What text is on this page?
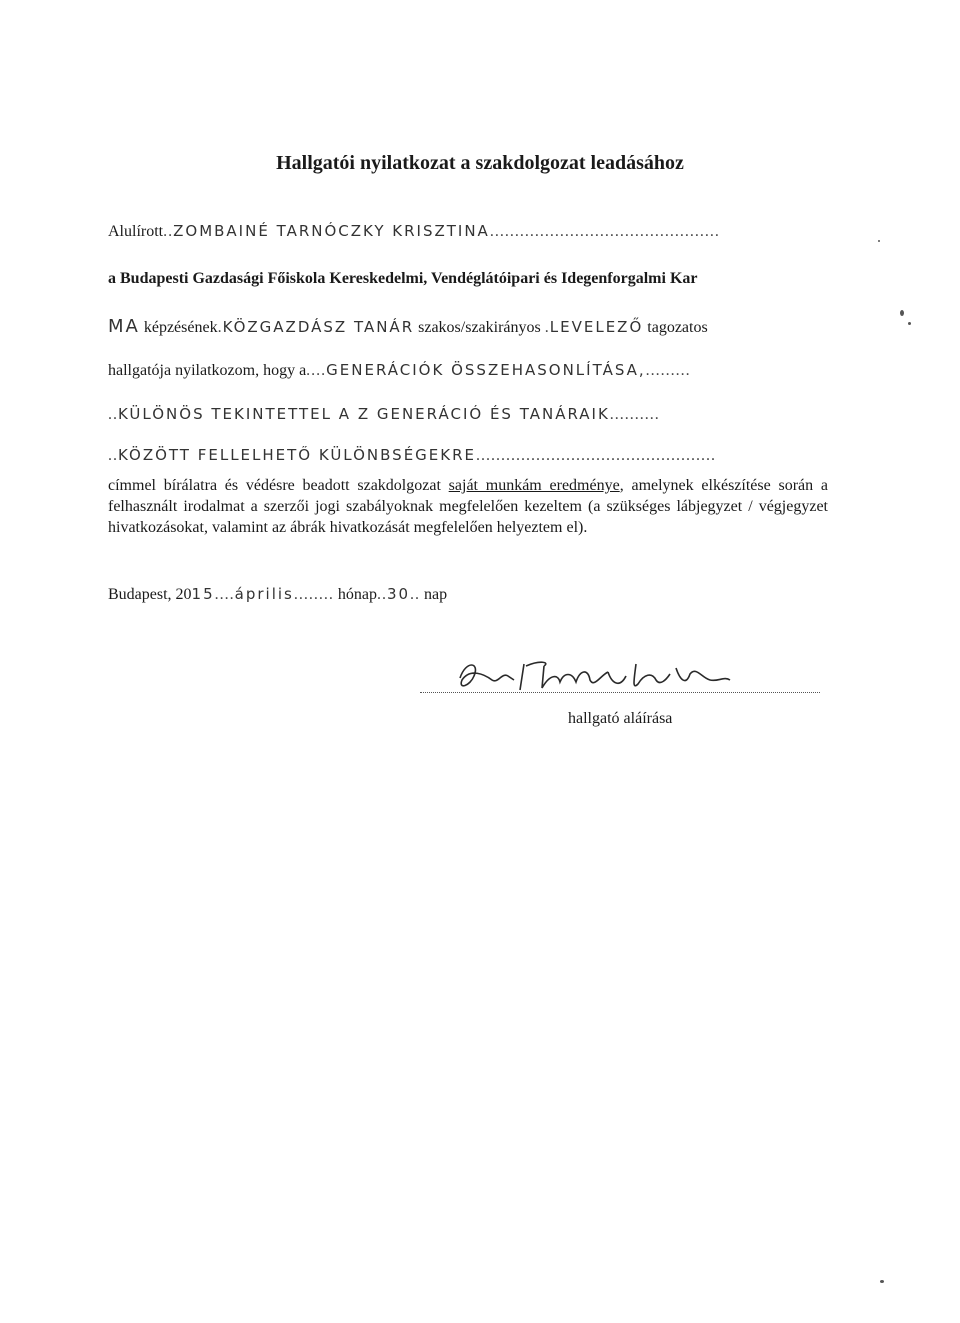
Hallgatói nyilatkozat a szakdolgozat leadásához
Alulírott..ZOMBAINÉ TARNÓCZKY KRISZTINA..............................................
a Budapesti Gazdasági Főiskola Kereskedelmi, Vendéglátóipari és Idegenforgalmi Kar
MA képzésének.KÖZGAZDÁSZ TANÁR szakos/szakirányos .LEVELEZŐ tagozatos
hallgatója nyilatkozom, hogy a....GENERÁCIÓK ÖSSZEHASONLÍTÁSA,.........
..KÜLÖNÖS TEKINTETTEL A Z GENERÁCIÓ ÉS TANÁRAIK..........
..KÖZÖTT FELLELHETŐ KÜLÖNBSÉGEKRE................................................
címmel bírálatra és védésre beadott szakdolgozat saját munkám eredménye, amelynek elkészítése során a felhasznált irodalmat a szerzői jogi szabályoknak megfelelően kezeltem (a szükséges lábjegyzet / végjegyzet hivatkozásokat, valamint az ábrák hivatkozását megfelelően helyeztem el).
Budapest, 2015....április........ hónap..30.. nap
hallgató aláírása
